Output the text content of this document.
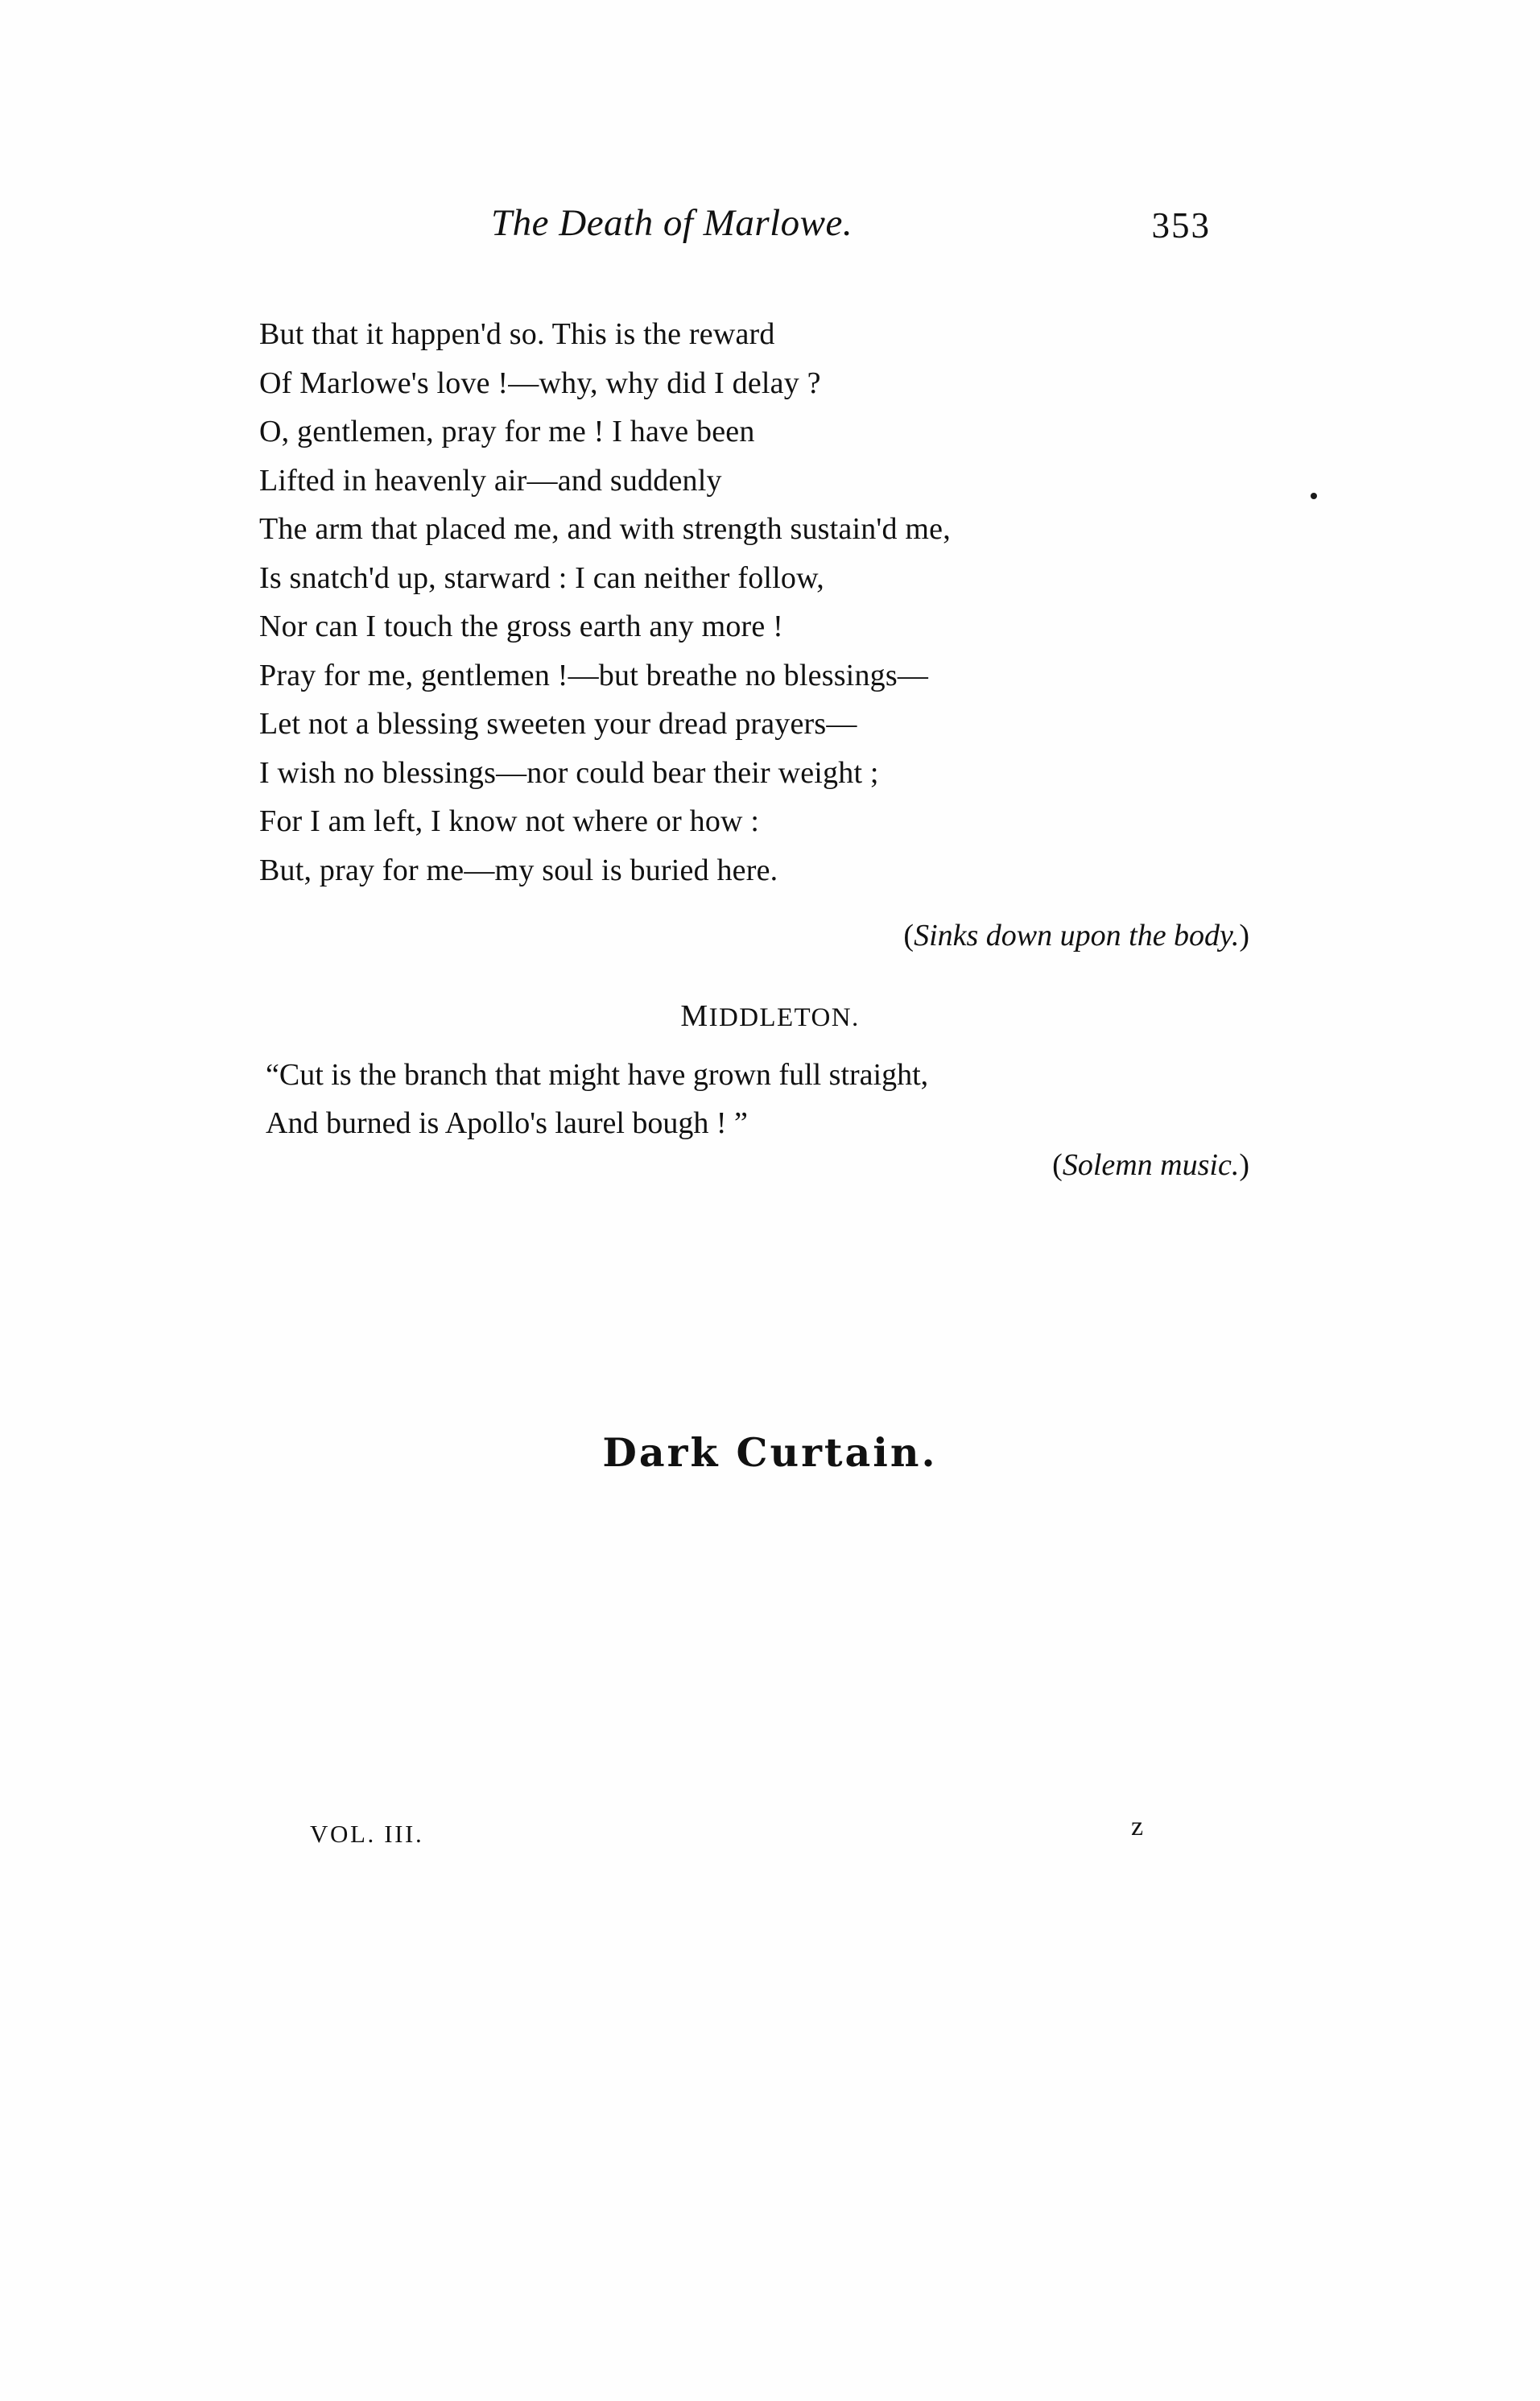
The Death of Marlowe.	353
But that it happen'd so. This is the reward
Of Marlowe's love !—why, why did I delay ?
O, gentlemen, pray for me ! I have been
Lifted in heavenly air—and suddenly
The arm that placed me, and with strength sustain'd me,
Is snatch'd up, starward : I can neither follow,
Nor can I touch the gross earth any more !
Pray for me, gentlemen !—but breathe no blessings—
Let not a blessing sweeten your dread prayers—
I wish no blessings—nor could bear their weight ;
For I am left, I know not where or how :
But, pray for me—my soul is buried here.
(Sinks down upon the body.)
MIDDLETON.
“Cut is the branch that might have grown full straight,
And burned is Apollo's laurel bough ! ”
(Solemn music.)
Dark Curtain.
VOL. III.	z
